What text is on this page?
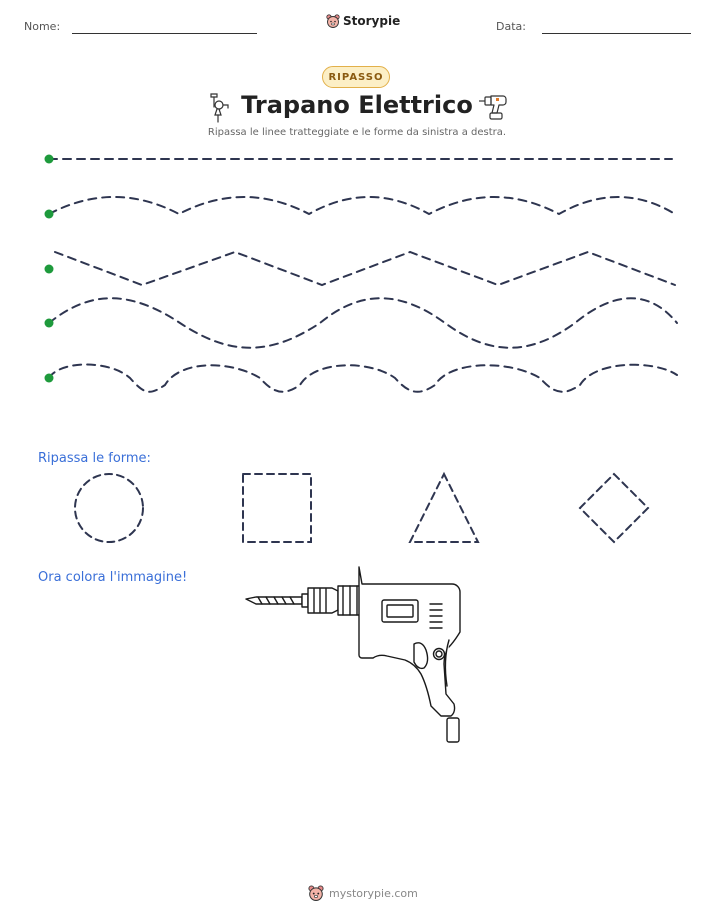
Nome:	Storypie	Data:
RIPASSO
Trapano Elettrico
Ripassa le linee tratteggiate e le forme da sinistra a destra.
Ripassa le forme:
Ora colora l'immagine!
mystorypie.com
